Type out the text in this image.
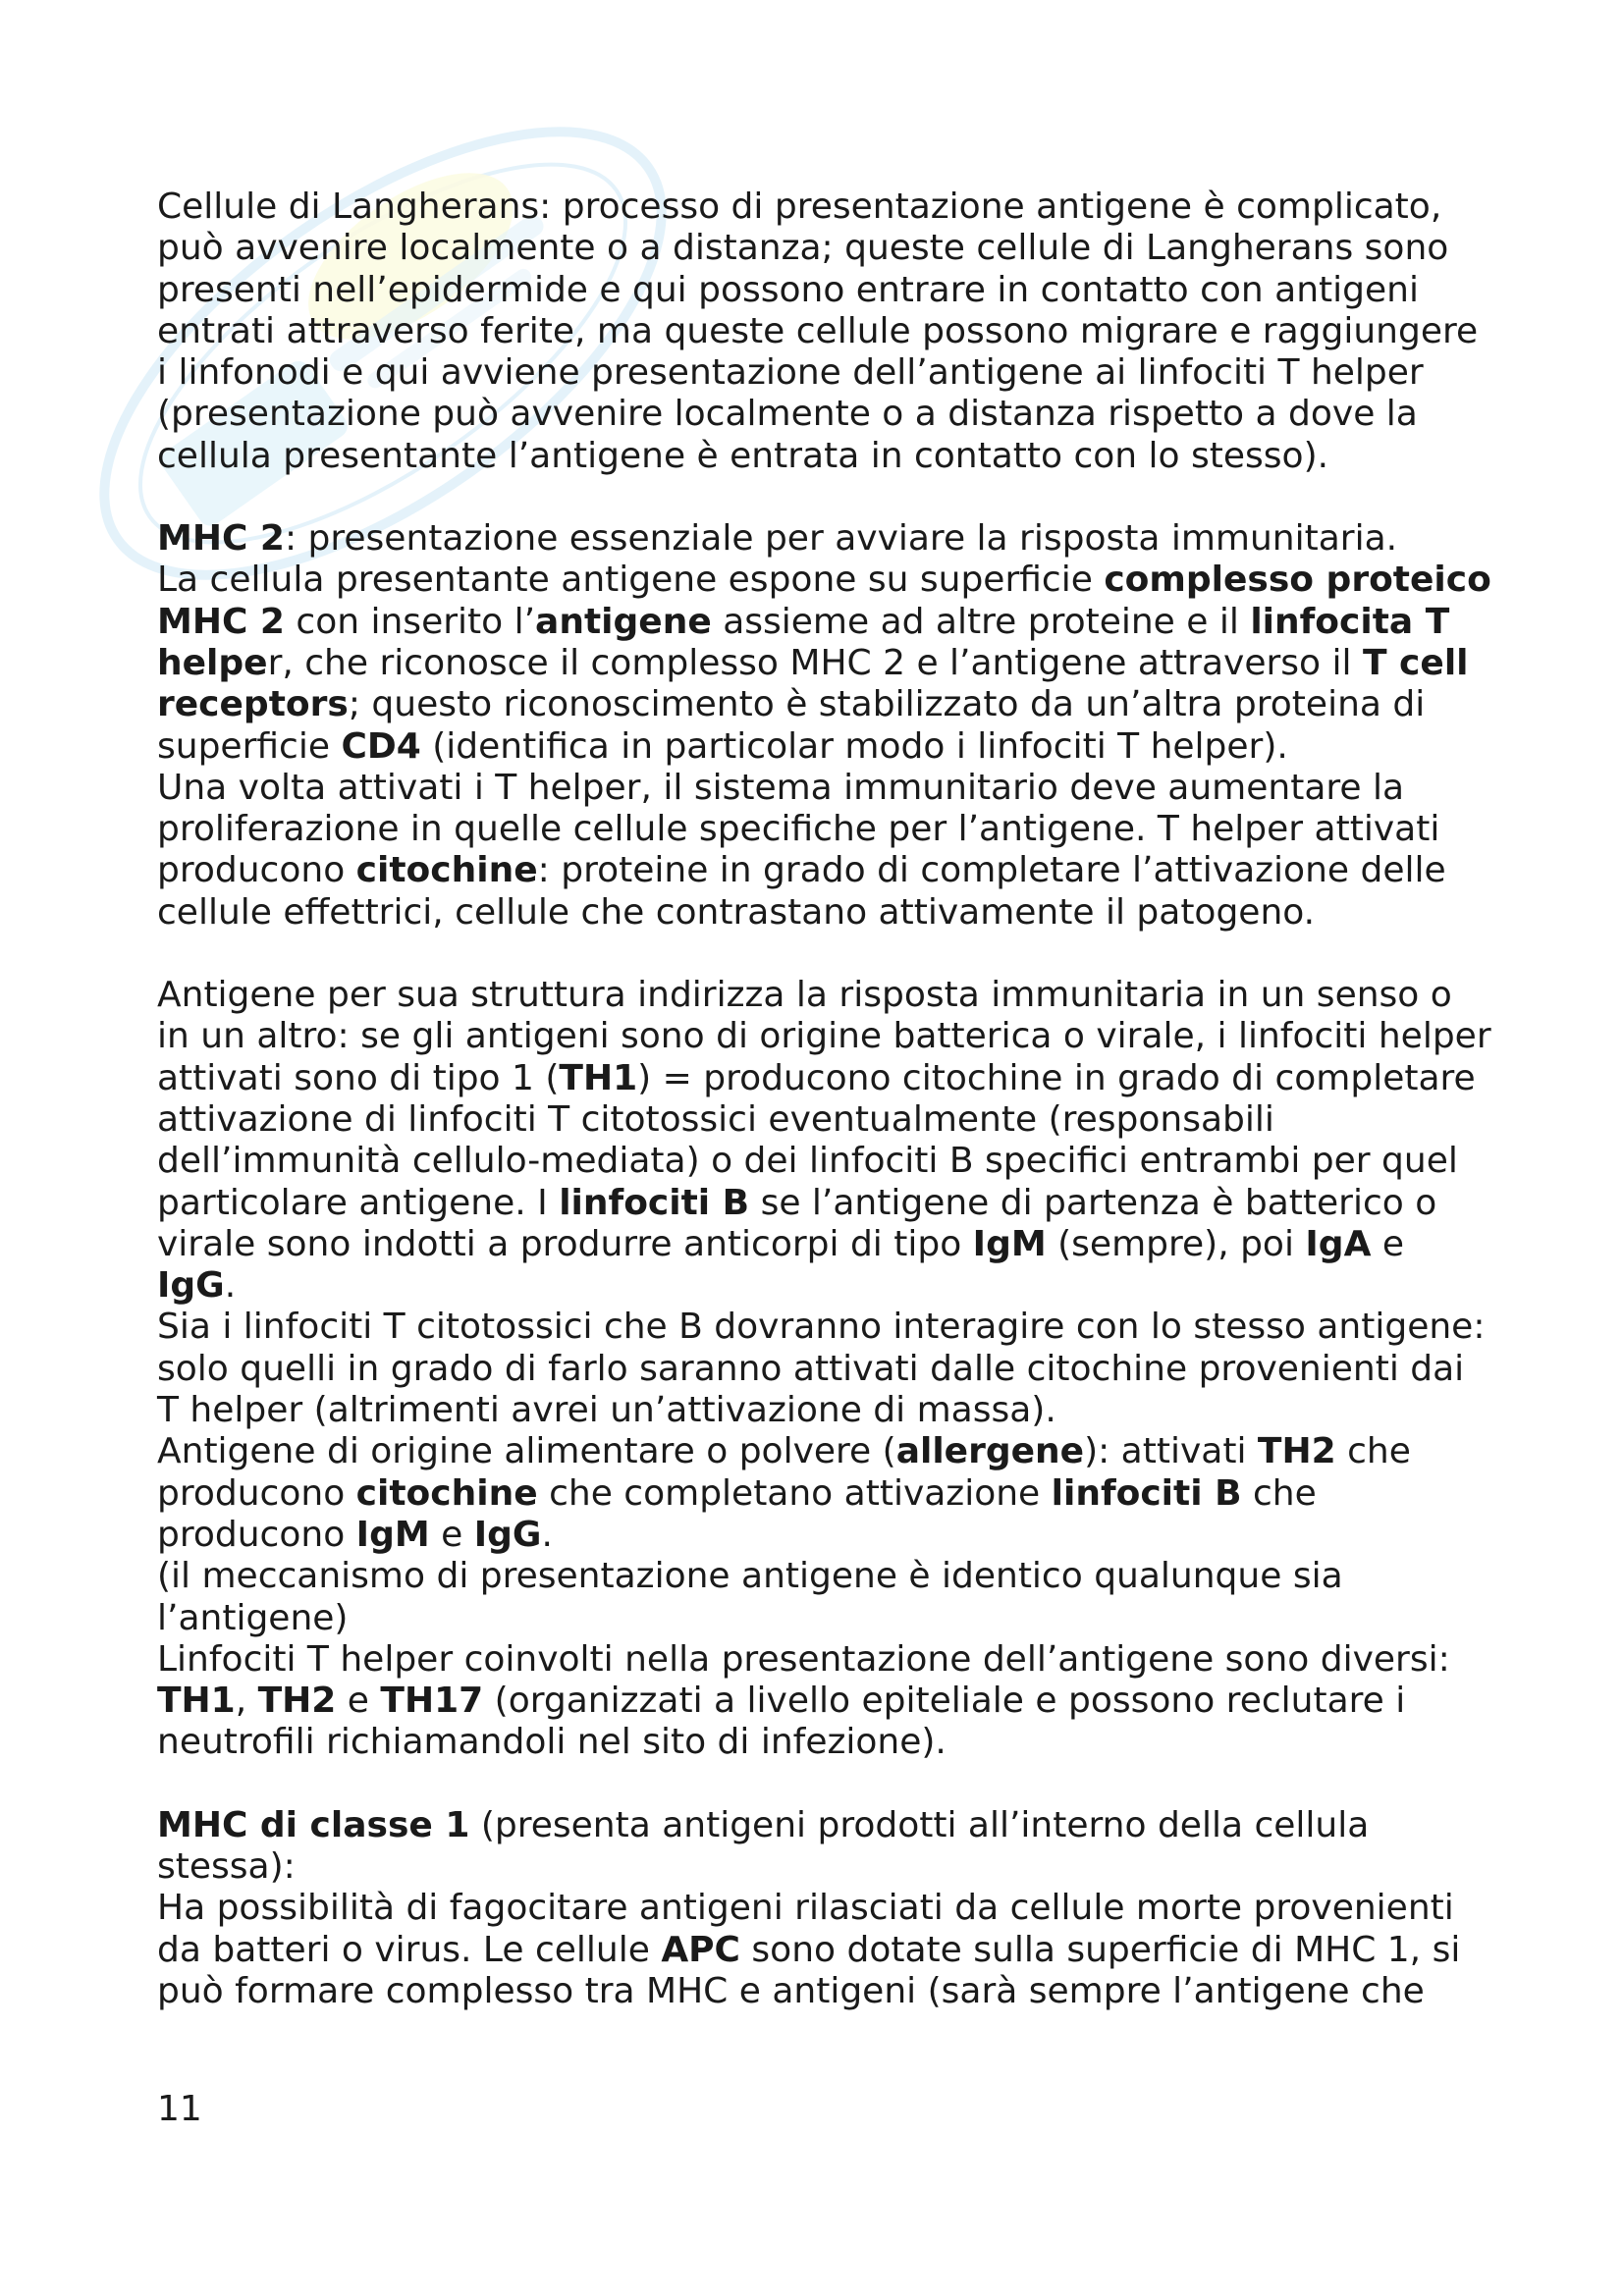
Cellule di Langherans: processo di presentazione antigene è complicato, può avvenire localmente o a distanza; queste cellule di Langherans sono presenti nell’epidermide e qui possono entrare in contatto con antigeni entrati attraverso ferite, ma queste cellule possono migrare e raggiungere i linfonodi e qui avviene presentazione dell’antigene ai linfociti T helper (presentazione può avvenire localmente o a distanza rispetto a dove la cellula presentante l’antigene è entrata in contatto con lo stesso).

MHC 2: presentazione essenziale per avviare la risposta immunitaria.

La cellula presentante antigene espone su superficie complesso proteico MHC 2 con inserito l’antigene assieme ad altre proteine e il linfocita T helper, che riconosce il complesso MHC 2 e l’antigene attraverso il T cell receptors; questo riconoscimento è stabilizzato da un’altra proteina di superficie CD4 (identifica in particolar modo i linfociti T helper).

Una volta attivati i T helper, il sistema immunitario deve aumentare la proliferazione in quelle cellule specifiche per l’antigene. T helper attivati producono citochine: proteine in grado di completare l’attivazione delle cellule effettrici, cellule che contrastano attivamente il patogeno.

Antigene per sua struttura indirizza la risposta immunitaria in un senso o in un altro: se gli antigeni sono di origine batterica o virale, i linfociti helper attivati sono di tipo 1 (TH1) = producono citochine in grado di completare attivazione di linfociti T citotossici eventualmente (responsabili dell’immunità cellulo-mediata) o dei linfociti B specifici entrambi per quel particolare antigene. I linfociti B se l’antigene di partenza è batterico o virale sono indotti a produrre anticorpi di tipo IgM (sempre), poi IgA e IgG.

Sia i linfociti T citotossici che B dovranno interagire con lo stesso antigene: solo quelli in grado di farlo saranno attivati dalle citochine provenienti dai T helper (altrimenti avrei un’attivazione di massa).

Antigene di origine alimentare o polvere (allergene): attivati TH2 che producono citochine che completano attivazione linfociti B che producono IgM e IgG.

(il meccanismo di presentazione antigene è identico qualunque sia l’antigene)

Linfociti T helper coinvolti nella presentazione dell’antigene sono diversi: TH1, TH2 e TH17 (organizzati a livello epiteliale e possono reclutare i neutrofili richiamandoli nel sito di infezione).

MHC di classe 1 (presenta antigeni prodotti all’interno della cellula stessa):

Ha possibilità di fagocitare antigeni rilasciati da cellule morte provenienti da batteri o virus. Le cellule APC sono dotate sulla superficie di MHC 1, si può formare complesso tra MHC e antigeni (sarà sempre l’antigene che

11
